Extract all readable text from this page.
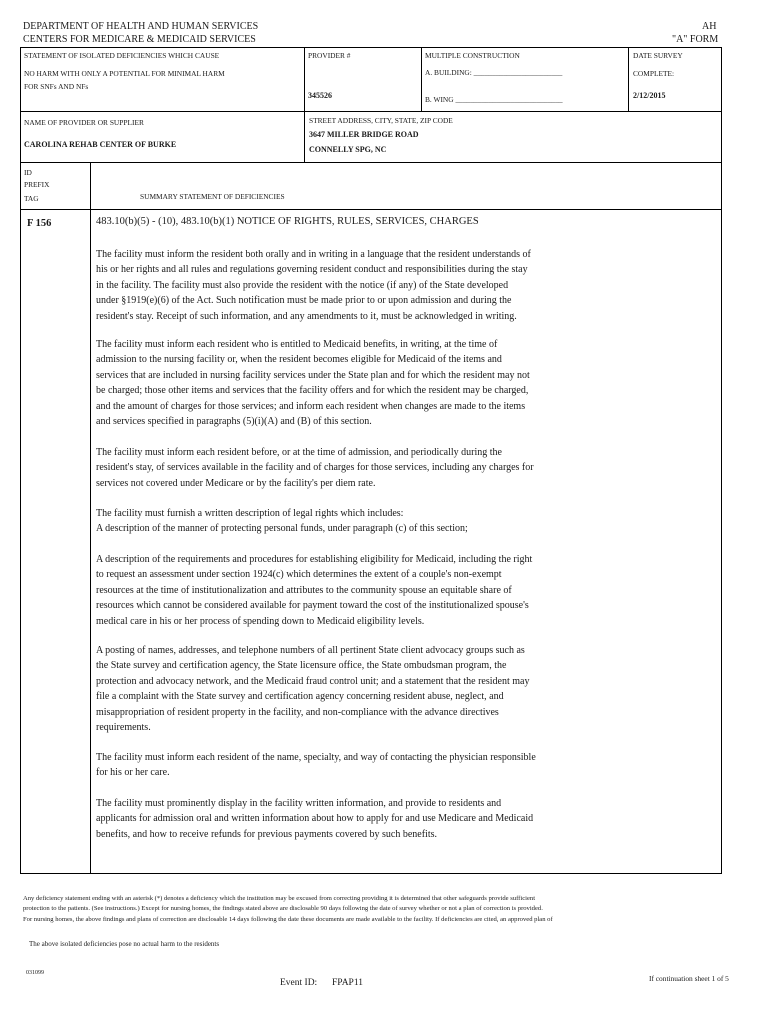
DEPARTMENT OF HEALTH AND HUMAN SERVICES
CENTERS FOR MEDICARE & MEDICAID SERVICES
AH
"A" FORM
STATEMENT OF ISOLATED DEFICIENCIES WHICH CAUSE
NO HARM WITH ONLY A POTENTIAL FOR MINIMAL HARM
FOR SNFs AND NFs
PROVIDER #
345526
MULTIPLE CONSTRUCTION
A. BUILDING: ________________________
B. WING _____________________________
DATE SURVEY
COMPLETE:
2/12/2015
NAME OF PROVIDER OR SUPPLIER
CAROLINA REHAB CENTER OF BURKE
STREET ADDRESS, CITY, STATE, ZIP CODE
3647 MILLER BRIDGE ROAD
CONNELLY SPG, NC
ID
PREFIX
TAG	SUMMARY STATEMENT OF DEFICIENCIES
F 156	483.10(b)(5) - (10), 483.10(b)(1) NOTICE OF RIGHTS, RULES, SERVICES, CHARGES
The facility must inform the resident both orally and in writing in a language that the resident understands of
his or her rights and all rules and regulations governing resident conduct and responsibilities during the stay
in the facility. The facility must also provide the resident with the notice (if any) of the State developed
under §1919(e)(6) of the Act. Such notification must be made prior to or upon admission and during the
resident's stay. Receipt of such information, and any amendments to it, must be acknowledged in writing.
The facility must inform each resident who is entitled to Medicaid benefits, in writing, at the time of
admission to the nursing facility or, when the resident becomes eligible for Medicaid of the items and
services that are included in nursing facility services under the State plan and for which the resident may not
be charged; those other items and services that the facility offers and for which the resident may be charged,
and the amount of charges for those services; and inform each resident when changes are made to the items
and services specified in paragraphs (5)(i)(A) and (B) of this section.
The facility must inform each resident before, or at the time of admission, and periodically during the
resident's stay, of services available in the facility and of charges for those services, including any charges for
services not covered under Medicare or by the facility's per diem rate.
The facility must furnish a written description of legal rights which includes:
A description of the manner of protecting personal funds, under paragraph (c) of this section;
A description of the requirements and procedures for establishing eligibility for Medicaid, including the right
to request an assessment under section 1924(c) which determines the extent of a couple's non-exempt
resources at the time of institutionalization and attributes to the community spouse an equitable share of
resources which cannot be considered available for payment toward the cost of the institutionalized spouse's
medical care in his or her process of spending down to Medicaid eligibility levels.
A posting of names, addresses, and telephone numbers of all pertinent State client advocacy groups such as
the State survey and certification agency, the State licensure office, the State ombudsman program, the
protection and advocacy network, and the Medicaid fraud control unit; and a statement that the resident may
file a complaint with the State survey and certification agency concerning resident abuse, neglect, and
misappropriation of resident property in the facility, and non-compliance with the advance directives
requirements.
The facility must inform each resident of the name, specialty, and way of contacting the physician responsible
for his or her care.
The facility must prominently display in the facility written information, and provide to residents and
applicants for admission oral and written information about how to apply for and use Medicare and Medicaid
benefits, and how to receive refunds for previous payments covered by such benefits.
Any deficiency statement ending with an asterisk (*) denotes a deficiency which the institution may be excused from correcting providing it is determined that other safeguards provide sufficient
protection to the patients. (See instructions.) Except for nursing homes, the findings stated above are disclosable 90 days following the date of survey whether or not a plan of correction is provided.
For nursing homes, the above findings and plans of correction are disclosable 14 days following the date these documents are made available to the facility. If deficiencies are cited, an approved plan of
The above isolated deficiencies pose no actual harm to the residents
031099
Event ID: FPAP11	If continuation sheet 1 of 5
